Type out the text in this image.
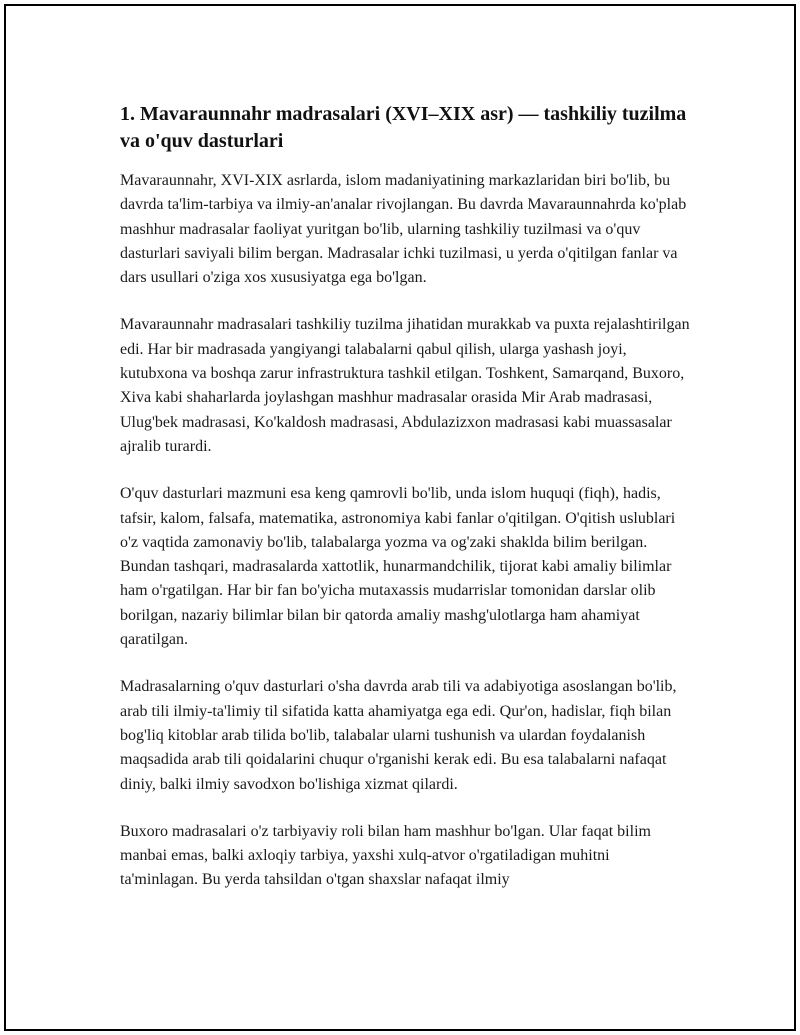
1. Mavaraunnahr madrasalari (XVI–XIX asr) — tashkiliy tuzilma va o'quv dasturlari

Mavaraunnahr, XVI-XIX asrlarda, islom madaniyatining markazlaridan biri bo'lib, bu davrda ta'lim-tarbiya va ilmiy-an'analar rivojlangan. Bu davrda Mavaraunnahrda ko'plab mashhur madrasalar faoliyat yuritgan bo'lib, ularning tashkiliy tuzilmasi va o'quv dasturlari saviyali bilim bergan. Madrasalar ichki tuzilmasi, u yerda o'qitilgan fanlar va dars usullari o'ziga xos xususiyatga ega bo'lgan.

Mavaraunnahr madrasalari tashkiliy tuzilma jihatidan murakkab va puxta rejalashtirilgan edi. Har bir madrasada yangiyangi talabalarni qabul qilish, ularga yashash joyi, kutubxona va boshqa zarur infrastruktura tashkil etilgan. Toshkent, Samarqand, Buxoro, Xiva kabi shaharlarda joylashgan mashhur madrasalar orasida Mir Arab madrasasi, Ulug'bek madrasasi, Ko'kaldosh madrasasi, Abdulazizxon madrasasi kabi muassasalar ajralib turardi.

O'quv dasturlari mazmuni esa keng qamrovli bo'lib, unda islom huquqi (fiqh), hadis, tafsir, kalom, falsafa, matematika, astronomiya kabi fanlar o'qitilgan. O'qitish uslublari o'z vaqtida zamonaviy bo'lib, talabalarga yozma va og'zaki shaklda bilim berilgan. Bundan tashqari, madrasalarda xattotlik, hunarmandchilik, tijorat kabi amaliy bilimlar ham o'rgatilgan. Har bir fan bo'yicha mutaxassis mudarrislar tomonidan darslar olib borilgan, nazariy bilimlar bilan bir qatorda amaliy mashg'ulotlarga ham ahamiyat qaratilgan.

Madrasalarning o'quv dasturlari o'sha davrda arab tili va adabiyotiga asoslangan bo'lib, arab tili ilmiy-ta'limiy til sifatida katta ahamiyatga ega edi. Qur'on, hadislar, fiqh bilan bog'liq kitoblar arab tilida bo'lib, talabalar ularni tushunish va ulardan foydalanish maqsadida arab tili qoidalarini chuqur o'rganishi kerak edi. Bu esa talabalarni nafaqat diniy, balki ilmiy savodxon bo'lishiga xizmat qilardi.

Buxoro madrasalari o'z tarbiyaviy roli bilan ham mashhur bo'lgan. Ular faqat bilim manbai emas, balki axloqiy tarbiya, yaxshi xulq-atvor o'rgatiladigan muhitni ta'minlagan. Bu yerda tahsildan o'tgan shaxslar nafaqat ilmiy
